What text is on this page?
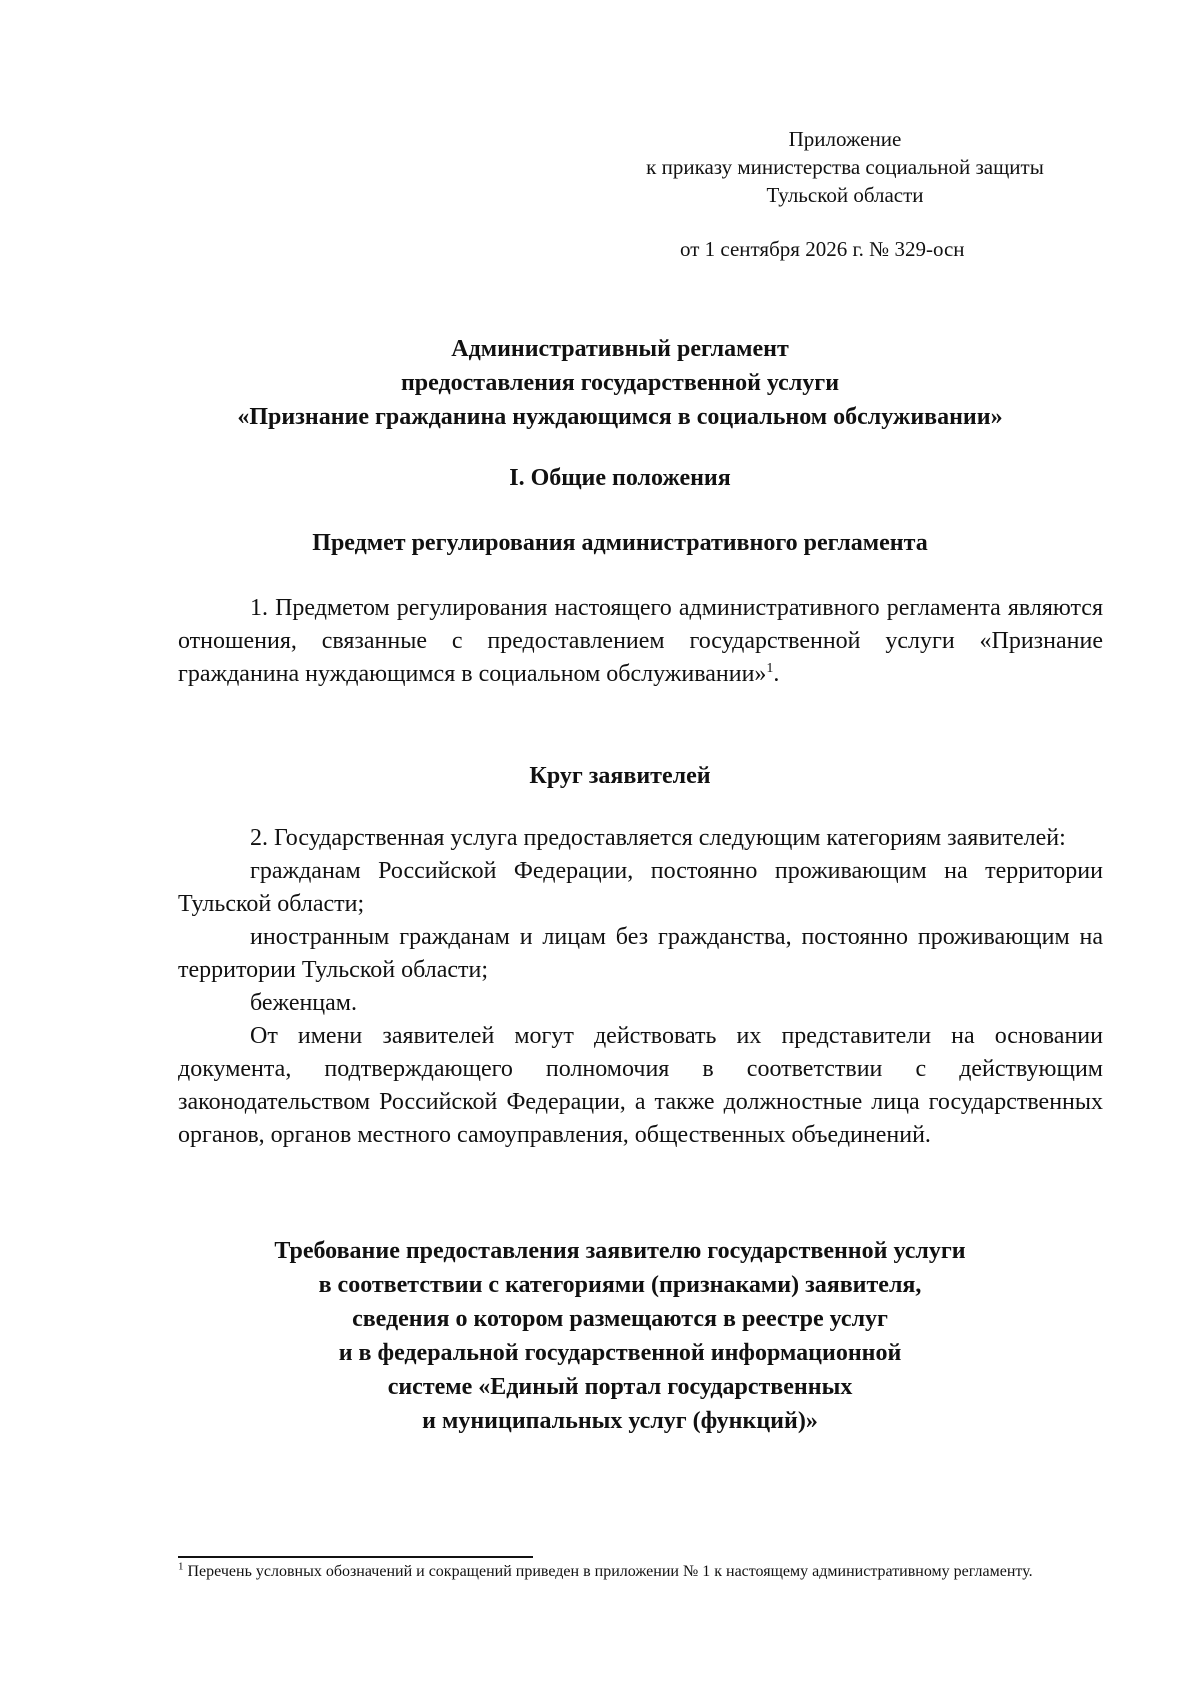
Приложение
к приказу министерства социальной защиты
Тульской области
от 1 сентября 2026 г. № 329-осн
Административный регламент
предоставления государственной услуги
«Признание гражданина нуждающимся в социальном обслуживании»
I. Общие положения
Предмет регулирования административного регламента

1. Предметом регулирования настоящего административного регламента являются отношения, связанные с предоставлением государственной услуги «Признание гражданина нуждающимся в социальном обслуживании»$^1$.

Круг заявителей

2. Государственная услуга предоставляется следующим категориям заявителей:

гражданам Российской Федерации, постоянно проживающим на территории Тульской области;

иностранным гражданам и лицам без гражданства, постоянно проживающим на территории Тульской области;

беженцам.

От имени заявителей могут действовать их представители на основании документа, подтверждающего полномочия в соответствии с действующим законодательством Российской Федерации, а также должностные лица государственных органов, органов местного самоуправления, общественных объединений.

Требование предоставления заявителю государственной услуги
в соответствии с категориями (признаками) заявителя,
сведения о котором размещаются в реестре услуг
и в федеральной государственной информационной
системе «Единый портал государственных
и муниципальных услуг (функций)»
$^1$ Перечень условных обозначений и сокращений приведен в приложении № 1 к настоящему административному регламенту.
